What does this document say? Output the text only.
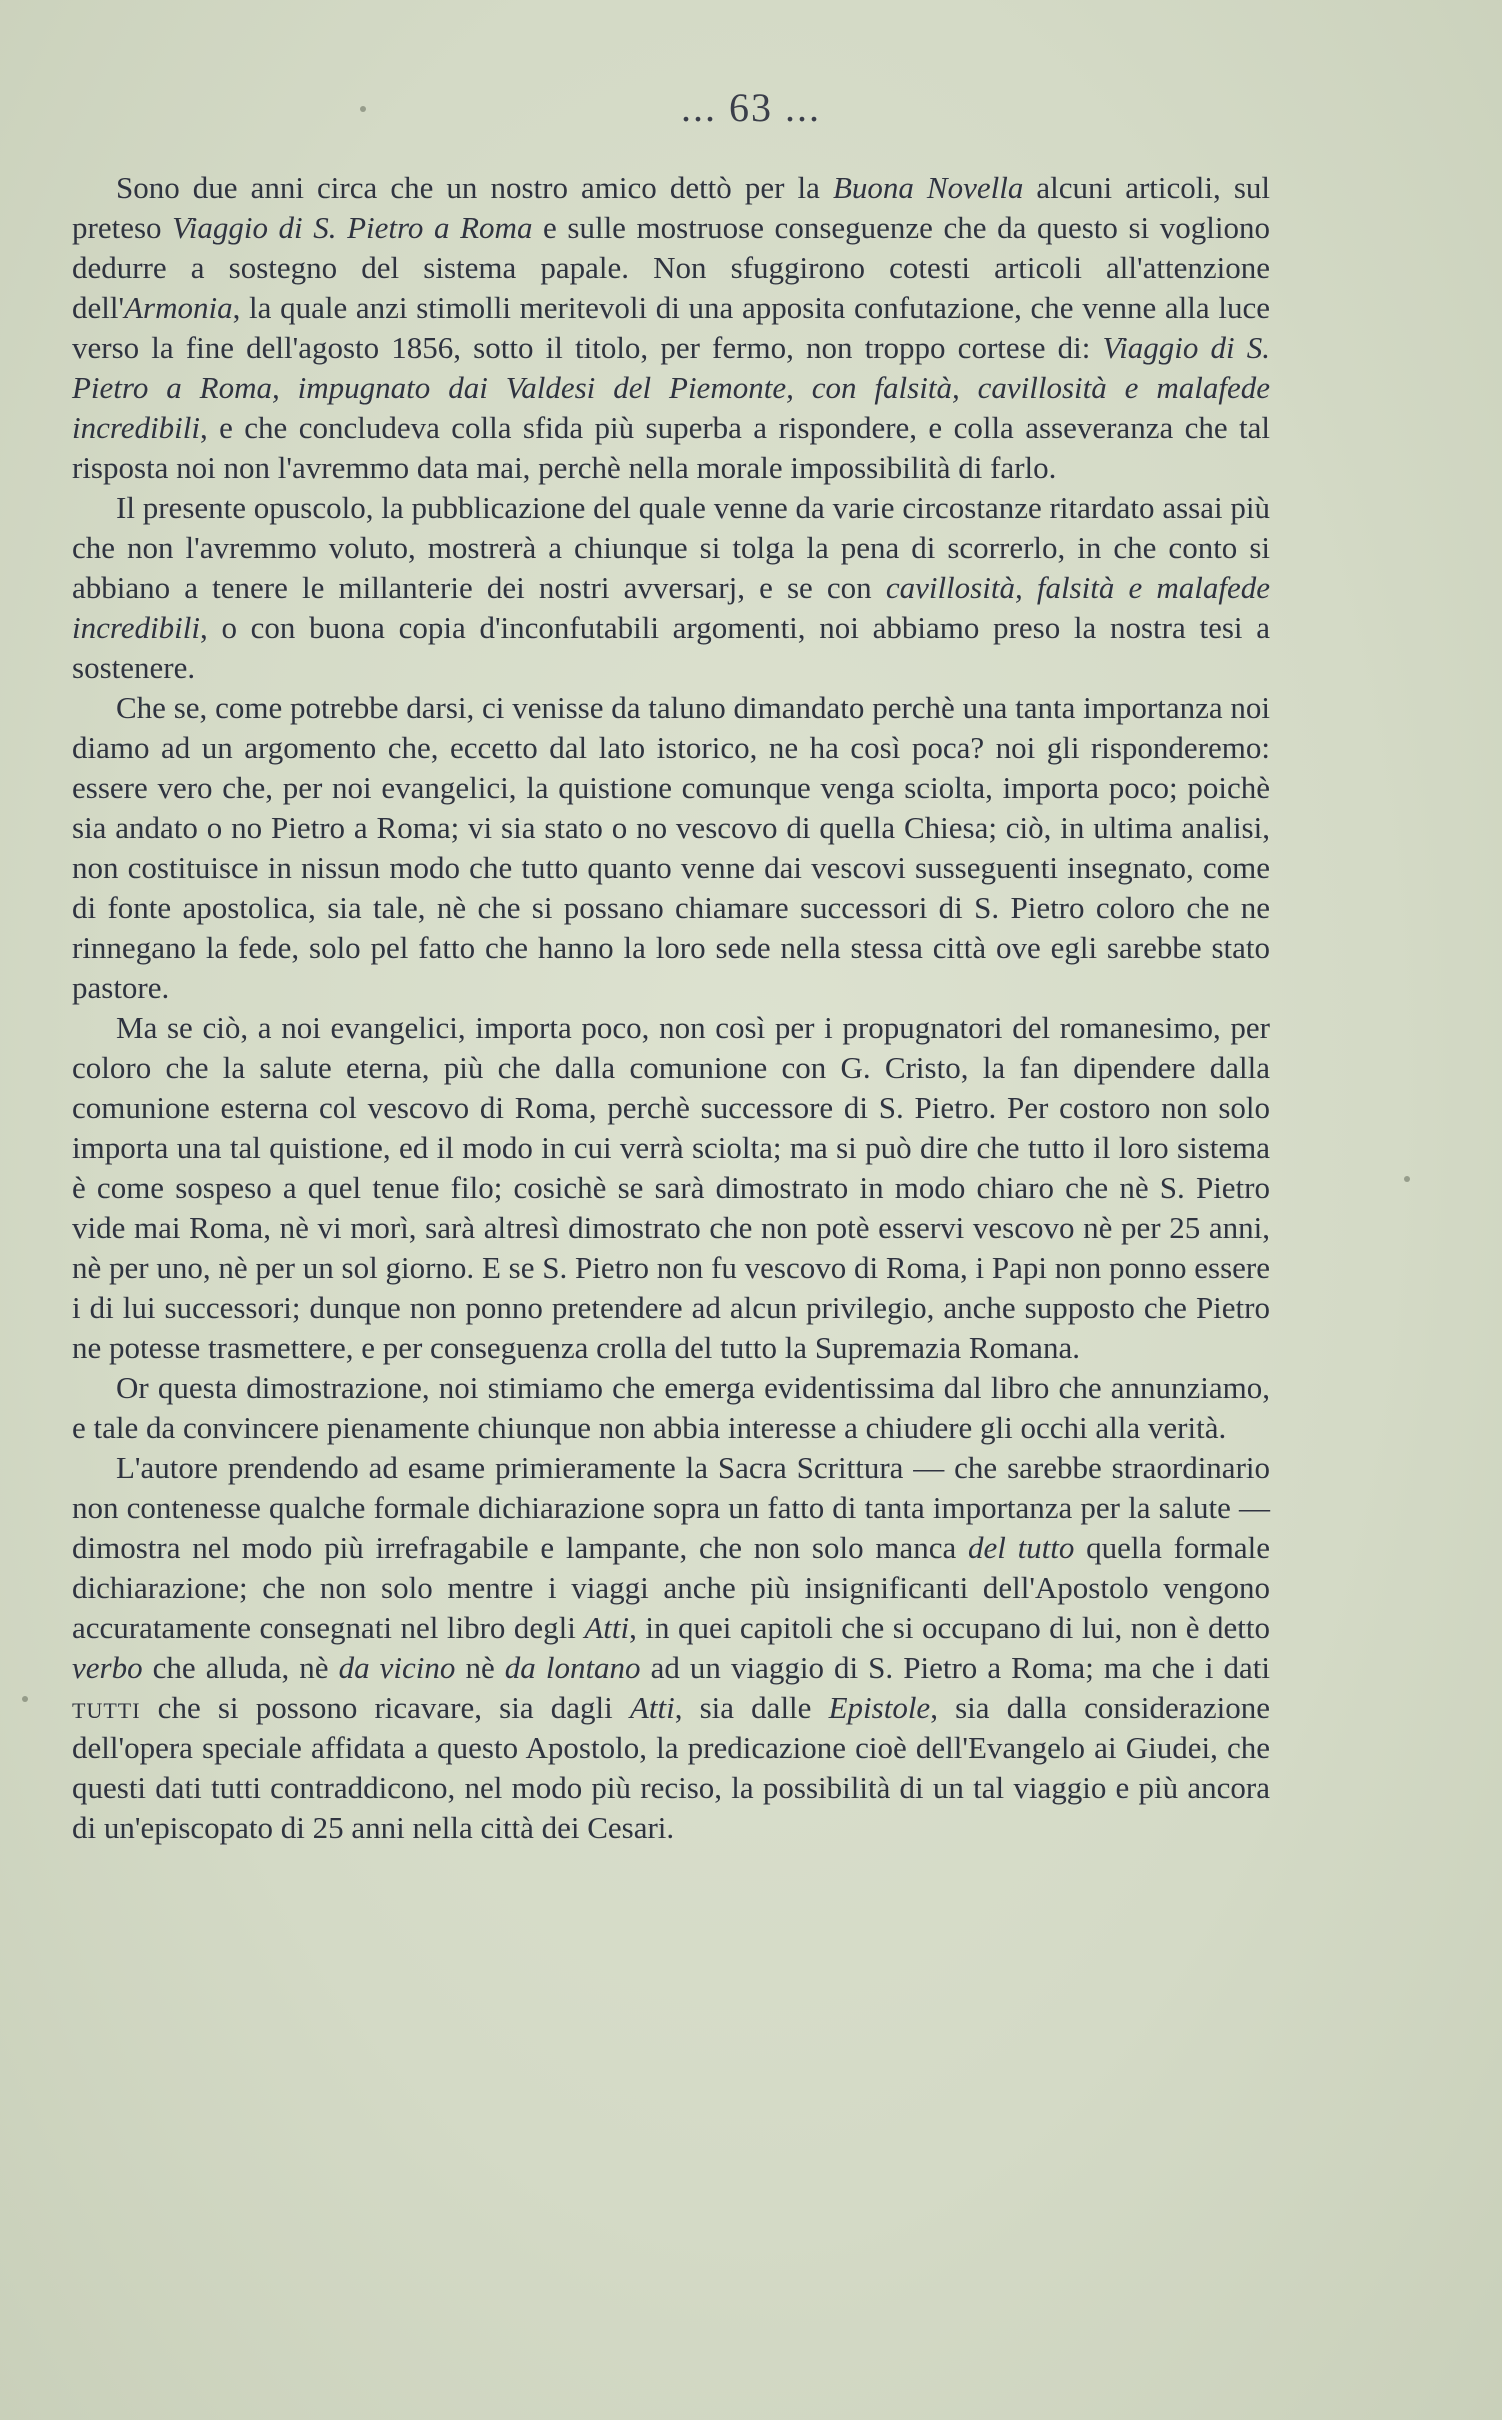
... 63 ...

Sono due anni circa che un nostro amico dettò per la Buona Novella alcuni articoli, sul preteso Viaggio di S. Pietro a Roma e sulle mostruose conseguenze che da questo si vogliono dedurre a sostegno del sistema papale. Non sfuggirono cotesti articoli all'attenzione dell'Armonia, la quale anzi stimolli meritevoli di una apposita confutazione, che venne alla luce verso la fine dell'agosto 1856, sotto il titolo, per fermo, non troppo cortese di: Viaggio di S. Pietro a Roma, impugnato dai Valdesi del Piemonte, con falsità, cavillosità e malafede incredibili, e che concludeva colla sfida più superba a rispondere, e colla asseveranza che tal risposta noi non l'avremmo data mai, perchè nella morale impossibilità di farlo.

Il presente opuscolo, la pubblicazione del quale venne da varie circostanze ritardato assai più che non l'avremmo voluto, mostrerà a chiunque si tolga la pena di scorrerlo, in che conto si abbiano a tenere le millanterie dei nostri avversarj, e se con cavillosità, falsità e malafede incredibili, o con buona copia d'inconfutabili argomenti, noi abbiamo preso la nostra tesi a sostenere.

Che se, come potrebbe darsi, ci venisse da taluno dimandato perchè una tanta importanza noi diamo ad un argomento che, eccetto dal lato istorico, ne ha così poca? noi gli risponderemo: essere vero che, per noi evangelici, la quistione comunque venga sciolta, importa poco; poichè sia andato o no Pietro a Roma; vi sia stato o no vescovo di quella Chiesa; ciò, in ultima analisi, non costituisce in nissun modo che tutto quanto venne dai vescovi susseguenti insegnato, come di fonte apostolica, sia tale, nè che si possano chiamare successori di S. Pietro coloro che ne rinnegano la fede, solo pel fatto che hanno la loro sede nella stessa città ove egli sarebbe stato pastore.

Ma se ciò, a noi evangelici, importa poco, non così per i propugnatori del romanesimo, per coloro che la salute eterna, più che dalla comunione con G. Cristo, la fan dipendere dalla comunione esterna col vescovo di Roma, perchè successore di S. Pietro. Per costoro non solo importa una tal quistione, ed il modo in cui verrà sciolta; ma si può dire che tutto il loro sistema è come sospeso a quel tenue filo; cosichè se sarà dimostrato in modo chiaro che nè S. Pietro vide mai Roma, nè vi morì, sarà altresì dimostrato che non potè esservi vescovo nè per 25 anni, nè per uno, nè per un sol giorno. E se S. Pietro non fu vescovo di Roma, i Papi non ponno essere i di lui successori; dunque non ponno pretendere ad alcun privilegio, anche supposto che Pietro ne potesse trasmettere, e per conseguenza crolla del tutto la Supremazia Romana.

Or questa dimostrazione, noi stimiamo che emerga evidentissima dal libro che annunziamo, e tale da convincere pienamente chiunque non abbia interesse a chiudere gli occhi alla verità.

L'autore prendendo ad esame primieramente la Sacra Scrittura — che sarebbe straordinario non contenesse qualche formale dichiarazione sopra un fatto di tanta importanza per la salute — dimostra nel modo più irrefragabile e lampante, che non solo manca del tutto quella formale dichiarazione; che non solo mentre i viaggi anche più insignificanti dell'Apostolo vengono accuratamente consegnati nel libro degli Atti, in quei capitoli che si occupano di lui, non è detto verbo che alluda, nè da vicino nè da lontano ad un viaggio di S. Pietro a Roma; ma che i dati tutti che si possono ricavare, sia dagli Atti, sia dalle Epistole, sia dalla considerazione dell'opera speciale affidata a questo Apostolo, la predicazione cioè dell'Evangelo ai Giudei, che questi dati tutti contraddicono, nel modo più reciso, la possibilità di un tal viaggio e più ancora di un'episcopato di 25 anni nella città dei Cesari.
